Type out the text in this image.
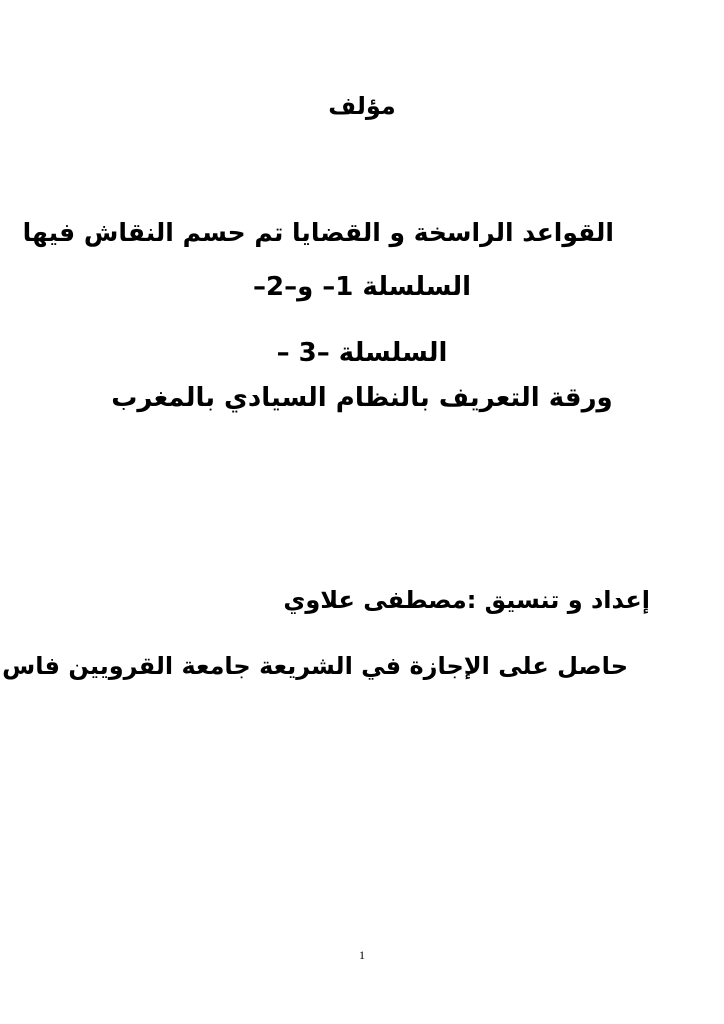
مؤلف
القواعد الراسخة و القضايا تم حسم النقاش فيها
السلسلة 1– و–2–
السلسلة –3 –
ورقة التعريف بالنظام السيادي بالمغرب
إعداد و تنسيق :مصطفى علاوي
حاصل على الإجازة في الشريعة جامعة القرويين فاس
1
